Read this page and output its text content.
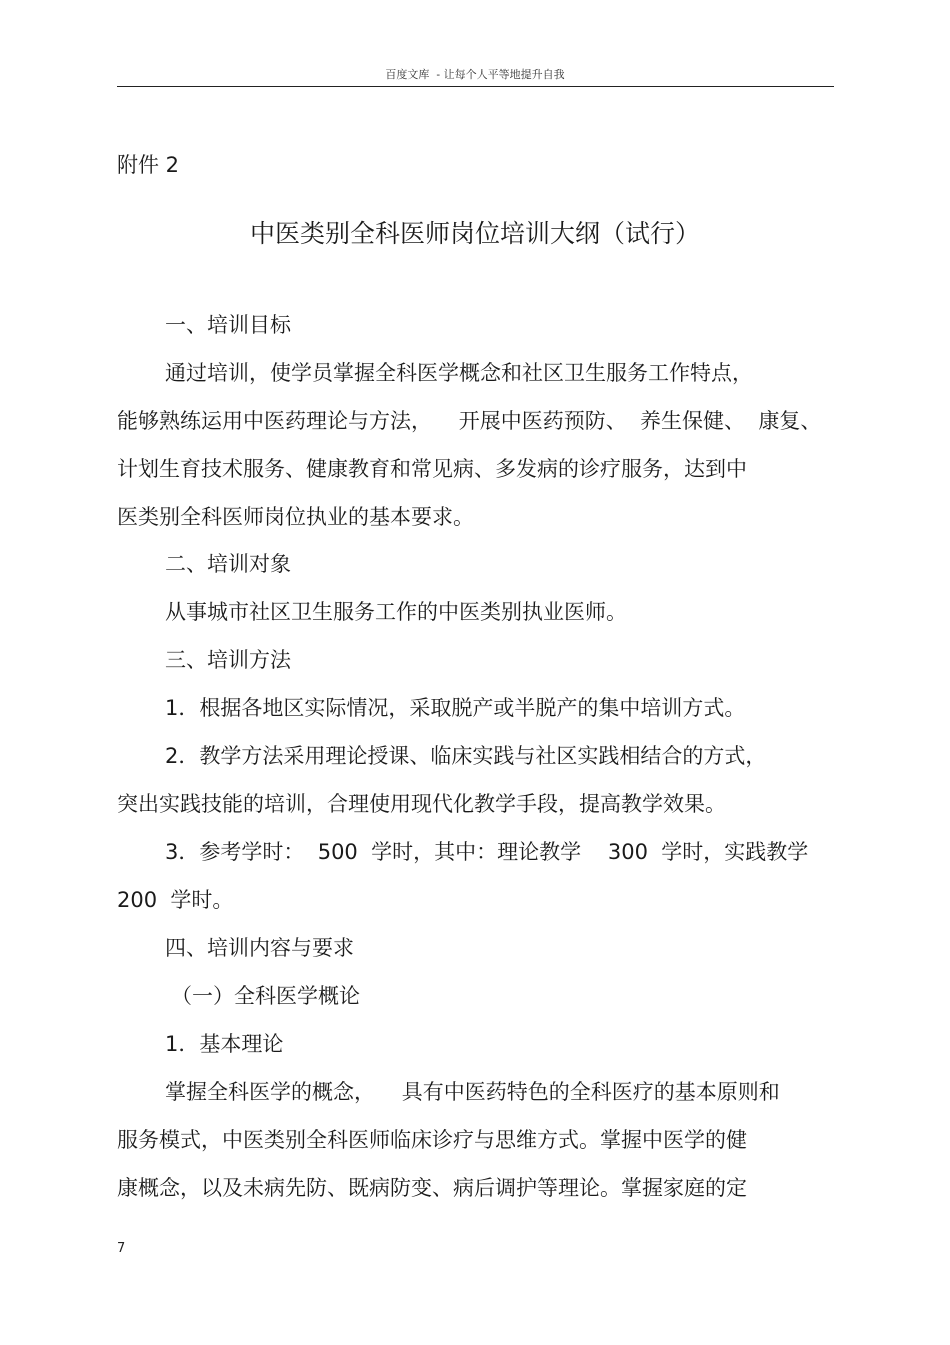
百度文库  - 让每个人平等地提升自我
附件 2
中医类别全科医师岗位培训大纲（试行）
一、培训目标
通过培训，使学员掌握全科医学概念和社区卫生服务工作特点，
能够熟练运用中医药理论与方法，    开展中医药预防、  养生保健、  康复、
计划生育技术服务、健康教育和常见病、多发病的诊疗服务，达到中
医类别全科医师岗位执业的基本要求。
二、培训对象
从事城市社区卫生服务工作的中医类别执业医师。
三、培训方法
1．根据各地区实际情况，采取脱产或半脱产的集中培训方式。
2．教学方法采用理论授课、临床实践与社区实践相结合的方式，
突出实践技能的培训，合理使用现代化教学手段，提高教学效果。
3．参考学时：  500  学时，其中：理论教学    300  学时，实践教学
200  学时。
四、培训内容与要求
（一）全科医学概论
1．基本理论
掌握全科医学的概念，    具有中医药特色的全科医疗的基本原则和
服务模式，中医类别全科医师临床诊疗与思维方式。掌握中医学的健
康概念，以及未病先防、既病防变、病后调护等理论。掌握家庭的定
7
